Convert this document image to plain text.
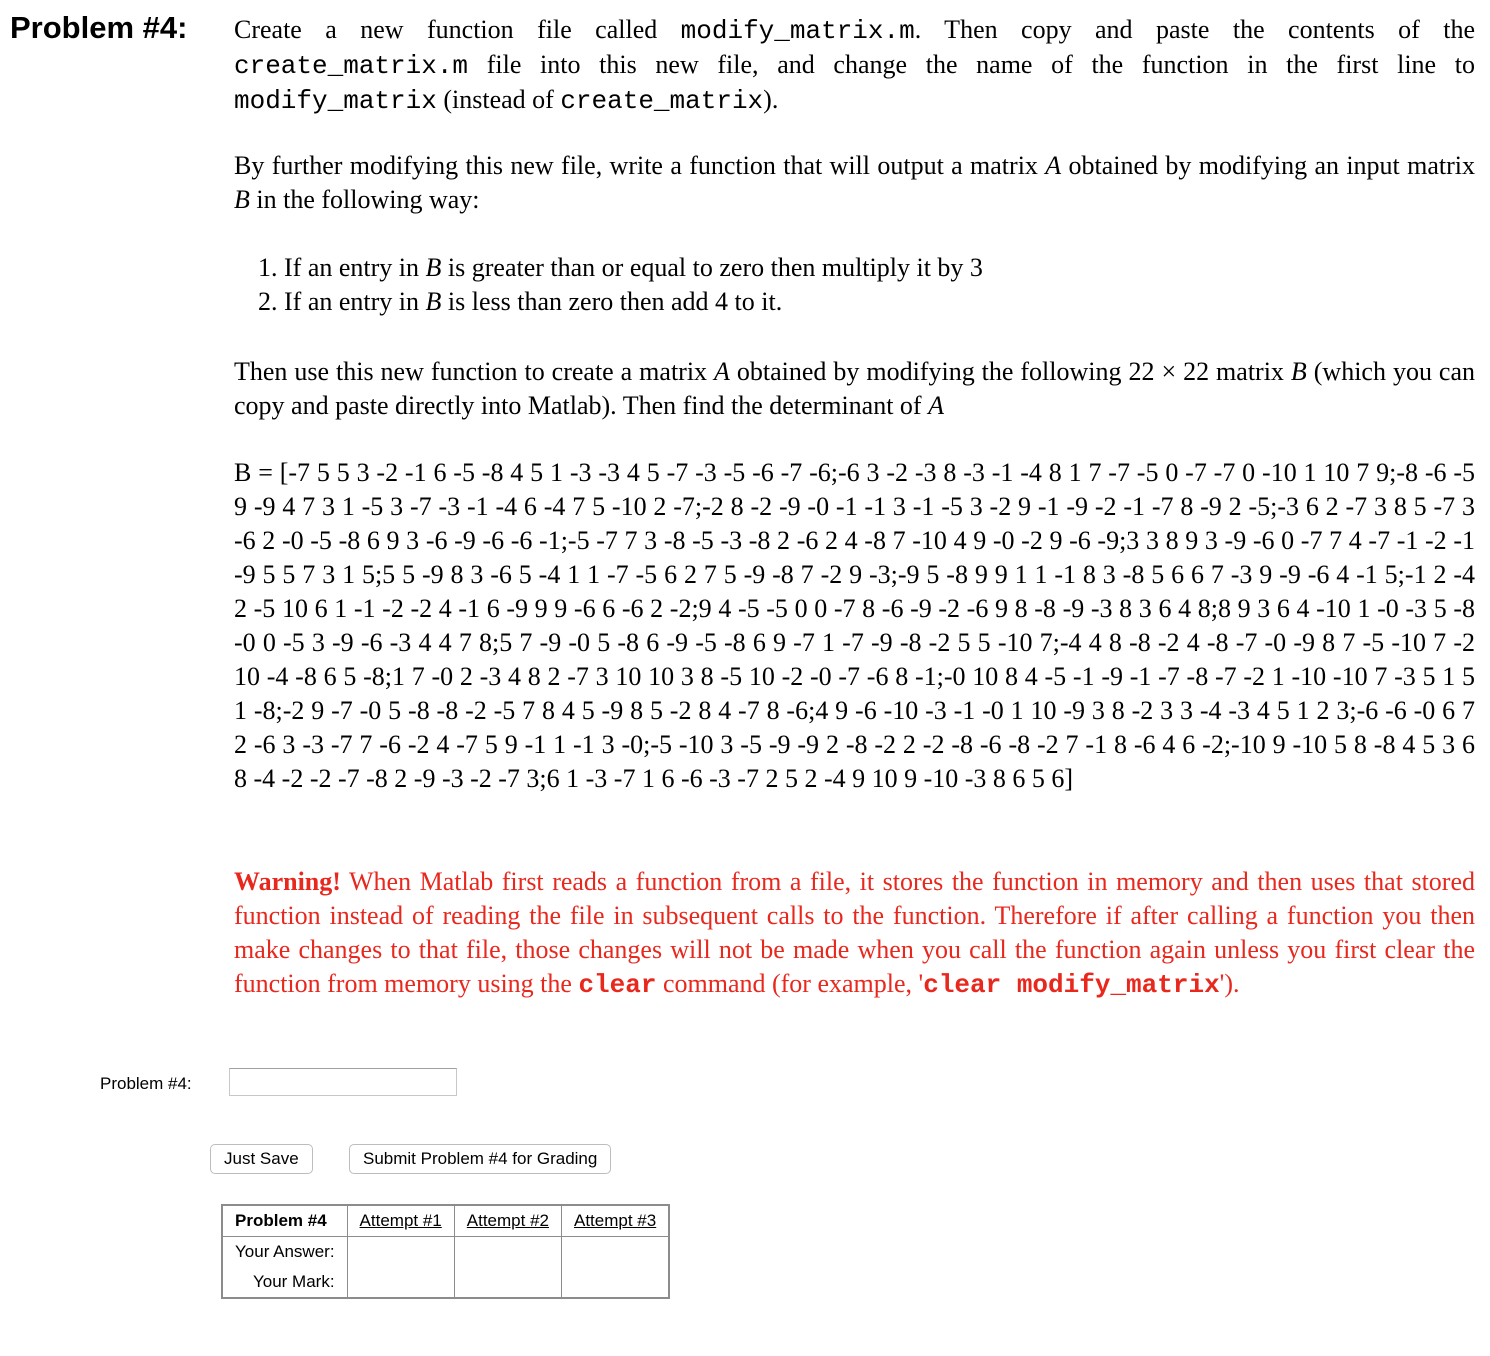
Problem #4: Create a new function file called modify_matrix.m. Then copy and paste the contents of the create_matrix.m file into this new file, and change the name of the function in the first line to modify_matrix (instead of create_matrix).
By further modifying this new file, write a function that will output a matrix A obtained by modifying an input matrix B in the following way:
1. If an entry in B is greater than or equal to zero then multiply it by 3
2. If an entry in B is less than zero then add 4 to it.
Then use this new function to create a matrix A obtained by modifying the following 22 × 22 matrix B (which you can copy and paste directly into Matlab). Then find the determinant of A
B = [-7 5 5 3 -2 -1 6 -5 -8 4 5 1 -3 -3 4 5 -7 -3 -5 -6 -7 -6;-6 3 -2 -3 8 -3 -1 -4 8 1 7 -7 -5 0 -7 -7 0 -10 1 10 7 9;-8 -6 -5 9 -9 4 7 3 1 -5 3 -7 -3 -1 -4 6 -4 7 5 -10 2 -7;-2 8 -2 -9 -0 -1 -1 3 -1 -5 3 -2 9 -1 -9 -2 -1 -7 8 -9 2 -5;-3 6 2 -7 3 8 5 -7 3 -6 2 -0 -5 -8 6 9 3 -6 -9 -6 -6 -1;-5 -7 7 3 -8 -5 -3 -8 2 -6 2 4 -8 7 -10 4 9 -0 -2 9 -6 -9;3 3 8 9 3 -9 -6 0 -7 7 4 -7 -1 -2 -1 -9 5 5 7 3 1 5;5 5 -9 8 3 -6 5 -4 1 1 -7 -5 6 2 7 5 -9 -8 7 -2 9 -3;-9 5 -8 9 9 1 1 -1 8 3 -8 5 6 6 7 -3 9 -9 -6 4 -1 5;-1 2 -4 2 -5 10 6 1 -1 -2 -2 4 -1 6 -9 9 9 -6 6 -6 2 -2;9 4 -5 -5 0 0 -7 8 -6 -9 -2 -6 9 8 -8 -9 -3 8 3 6 4 8;8 9 3 6 4 -10 1 -0 -3 5 -8 -0 0 -5 3 -9 -6 -3 4 4 7 8;5 7 -9 -0 5 -8 6 -9 -5 -8 6 9 -7 1 -7 -9 -8 -2 5 5 -10 7;-4 4 8 -8 -2 4 -8 -7 -0 -9 8 7 -5 -10 7 -2 10 -4 -8 6 5 -8;1 7 -0 2 -3 4 8 2 -7 3 10 10 3 8 -5 10 -2 -0 -7 -6 8 -1;-0 10 8 4 -5 -1 -9 -1 -7 -8 -7 -2 1 -10 -10 7 -3 5 1 5 1 -8;-2 9 -7 -0 5 -8 -8 -2 -5 7 8 4 5 -9 8 5 -2 8 4 -7 8 -6;4 9 -6 -10 -3 -1 -0 1 10 -9 3 8 -2 3 3 -4 -3 4 5 1 2 3;-6 -6 -0 6 7 2 -6 3 -3 -7 7 -6 -2 4 -7 5 9 -1 1 -1 3 -0;-5 -10 3 -5 -9 -9 2 -8 -2 2 -2 -8 -6 -8 -2 7 -1 8 -6 4 6 -2;-10 9 -10 5 8 -8 4 5 3 6 8 -4 -2 -2 -7 -8 2 -9 -3 -2 -7 3;6 1 -3 -7 1 6 -6 -3 -7 2 5 2 -4 9 10 9 -10 -3 8 6 5 6]
Warning! When Matlab first reads a function from a file, it stores the function in memory and then uses that stored function instead of reading the file in subsequent calls to the function. Therefore if after calling a function you then make changes to that file, those changes will not be made when you call the function again unless you first clear the function from memory using the clear command (for example, 'clear modify_matrix').
Problem #4:
Just Save	Submit Problem #4 for Grading
Problem #4	Attempt #1	Attempt #2	Attempt #3
Your Answer:			
Your Mark:			
